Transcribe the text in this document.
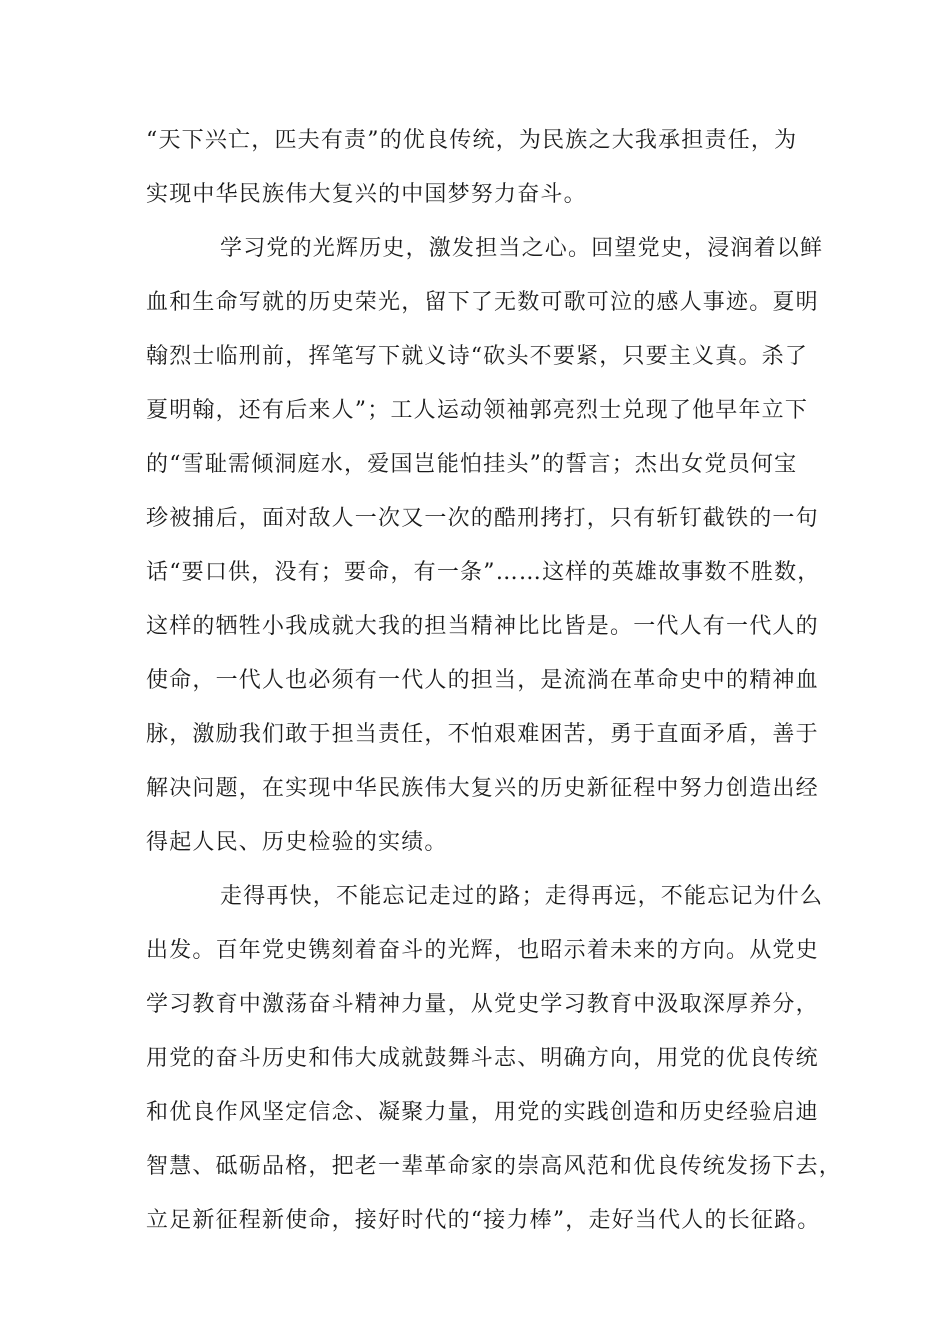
“天下兴亡，匹夫有责”的优良传统，为民族之大我承担责任，为
实现中华民族伟大复兴的中国梦努力奋斗。
学习党的光辉历史，激发担当之心。回望党史，浸润着以鲜
血和生命写就的历史荣光，留下了无数可歌可泣的感人事迹。夏明
翰烈士临刑前，挥笔写下就义诗“砍头不要紧，只要主义真。杀了
夏明翰，还有后来人”；工人运动领袖郭亮烈士兑现了他早年立下
的“雪耻需倾洞庭水，爱国岂能怕挂头”的誓言；杰出女党员何宝
珍被捕后，面对敌人一次又一次的酷刑拷打，只有斩钉截铁的一句
话“要口供，没有；要命，有一条”……这样的英雄故事数不胜数，
这样的牺牲小我成就大我的担当精神比比皆是。一代人有一代人的
使命，一代人也必须有一代人的担当，是流淌在革命史中的精神血
脉，激励我们敢于担当责任，不怕艰难困苦，勇于直面矛盾，善于
解决问题，在实现中华民族伟大复兴的历史新征程中努力创造出经
得起人民、历史检验的实绩。
走得再快，不能忘记走过的路；走得再远，不能忘记为什么
出发。百年党史镌刻着奋斗的光辉，也昭示着未来的方向。从党史
学习教育中激荡奋斗精神力量，从党史学习教育中汲取深厚养分，
用党的奋斗历史和伟大成就鼓舞斗志、明确方向，用党的优良传统
和优良作风坚定信念、凝聚力量，用党的实践创造和历史经验启迪
智慧、砥砺品格，把老一辈革命家的崇高风范和优良传统发扬下去，
立足新征程新使命，接好时代的“接力棒”，走好当代人的长征路。
